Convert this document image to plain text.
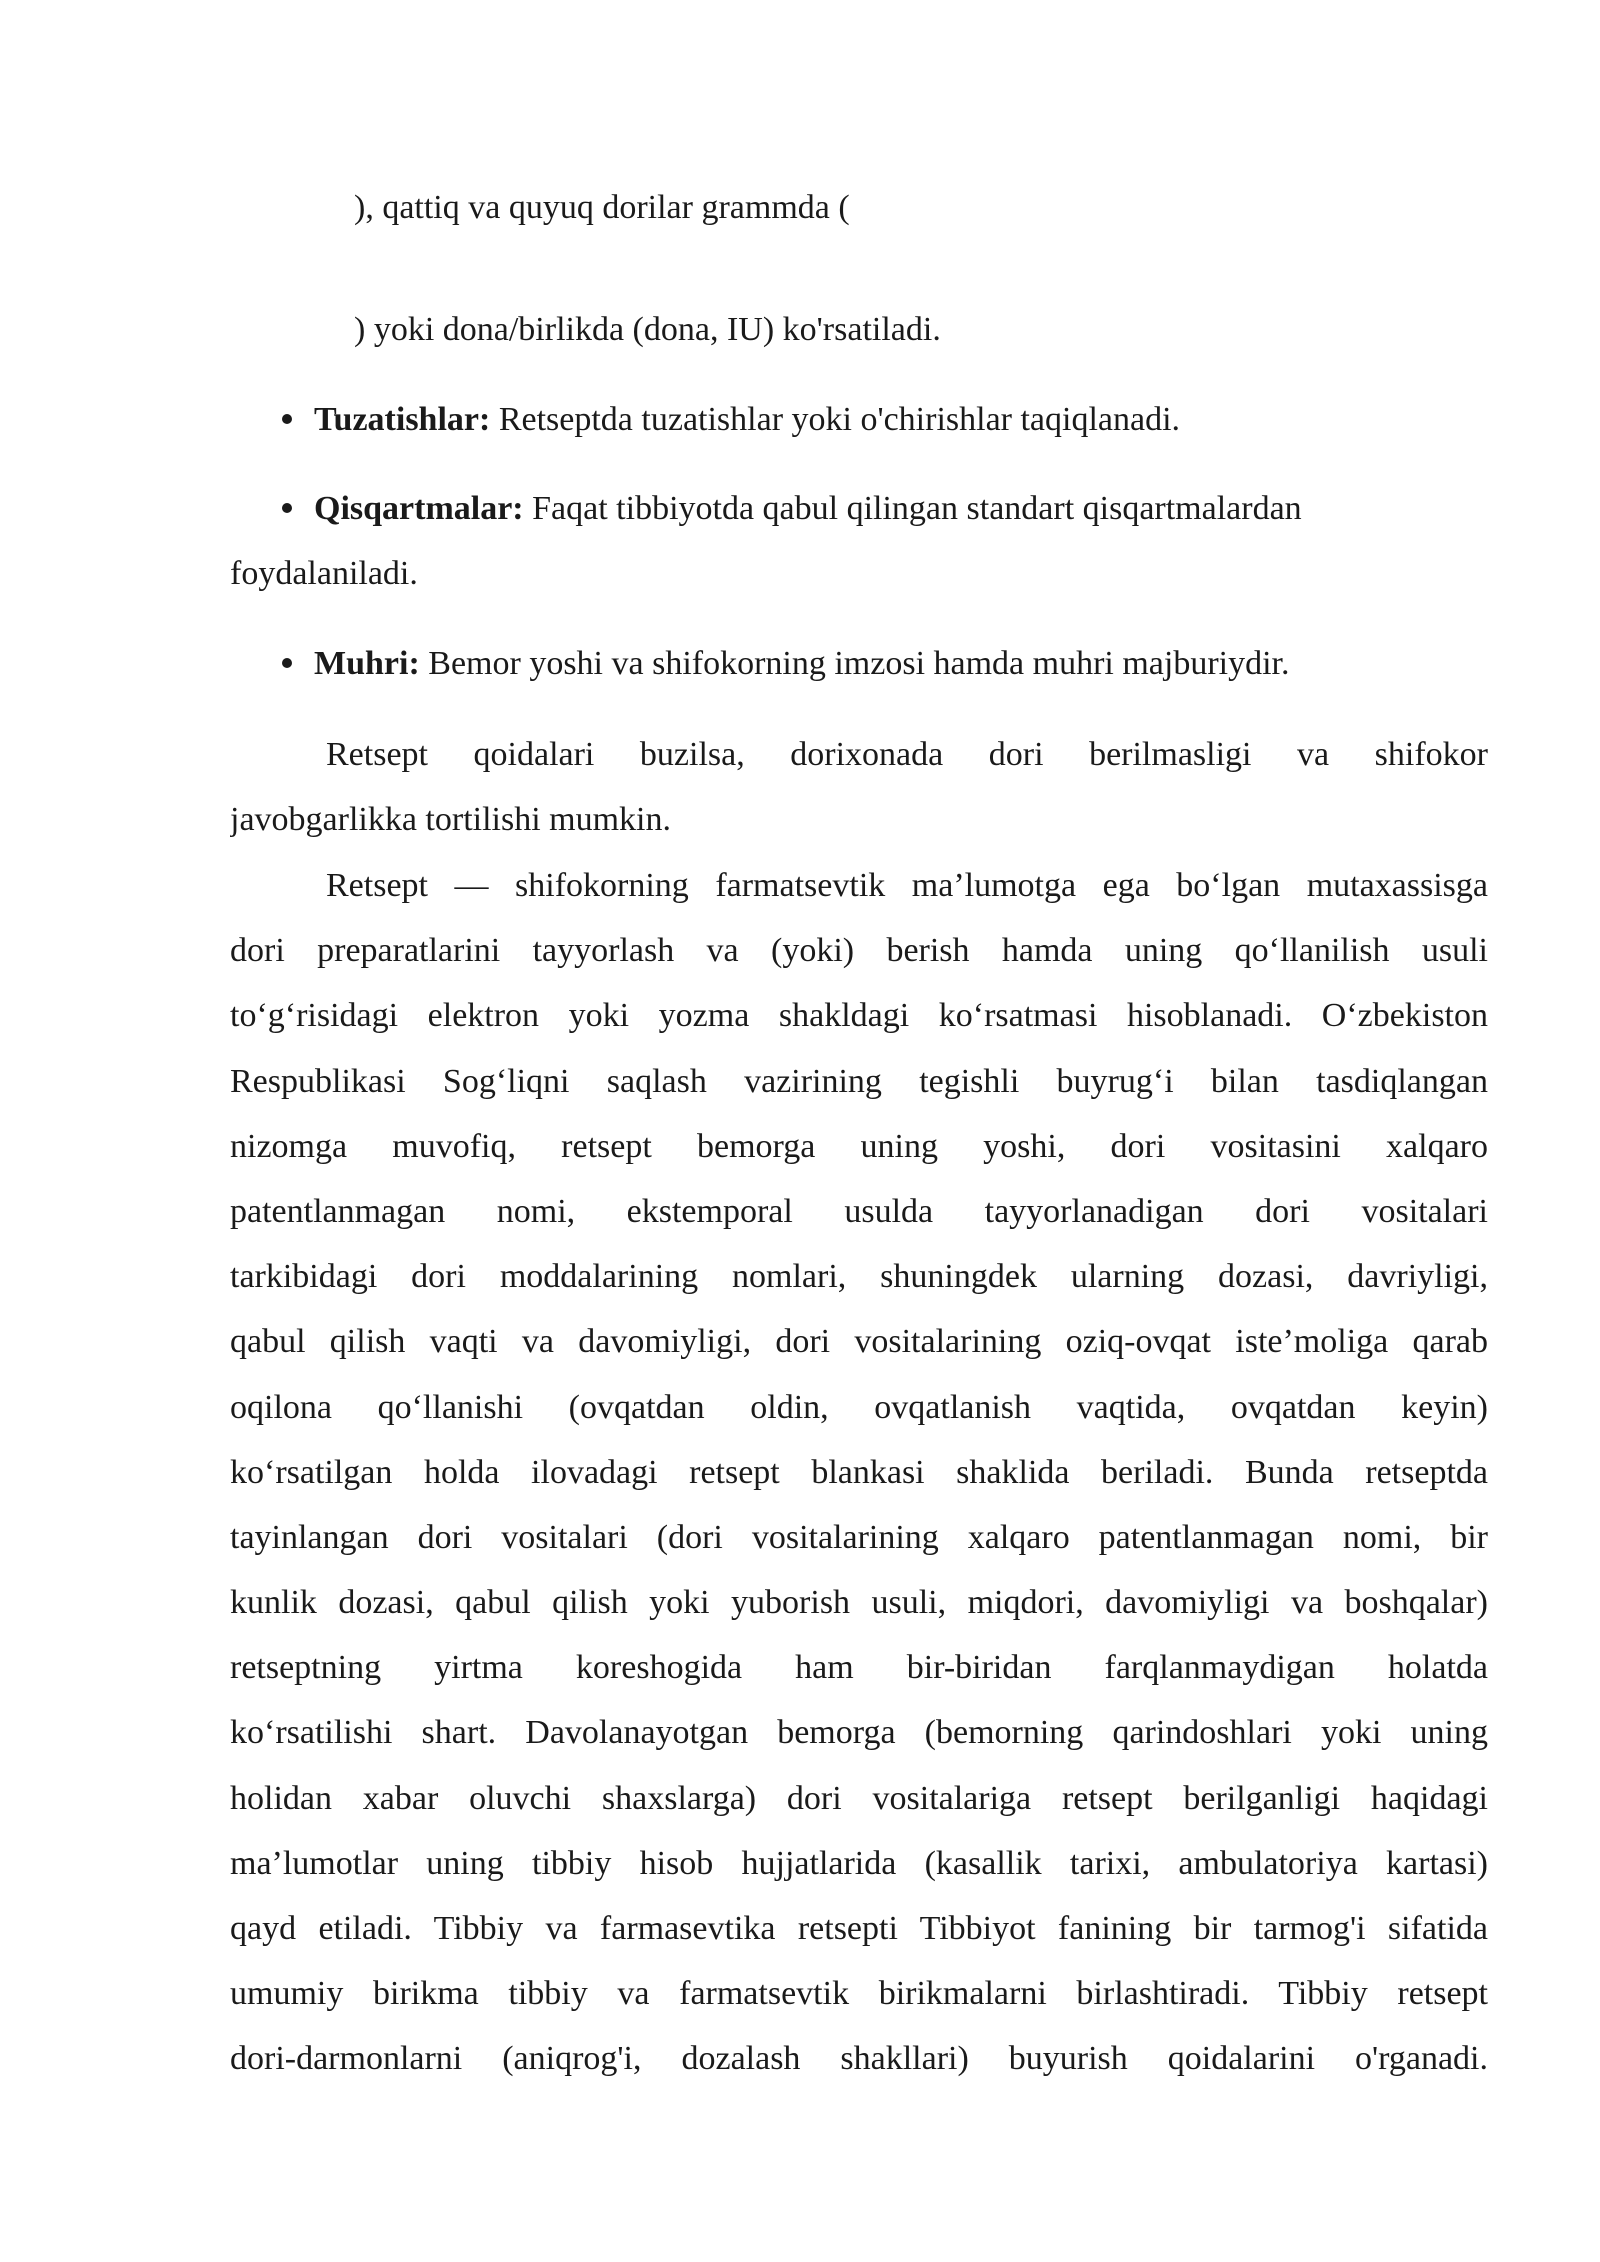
), qattiq va quyuq dorilar grammda (
) yoki dona/birlikda (dona, IU) ko'rsatiladi.
Tuzatishlar: Retseptda tuzatishlar yoki o'chirishlar taqiqlanadi.
Qisqartmalar: Faqat tibbiyotda qabul qilingan standart qisqartmalardan
foydalaniladi.
Muhri: Bemor yoshi va shifokorning imzosi hamda muhri majburiydir.
Retsept qoidalari buzilsa, dorixonada dori berilmasligi va shifokor
javobgarlikka tortilishi mumkin.
Retsept — shifokorning farmatsevtik ma’lumotga ega bo‘lgan mutaxassisga
dori preparatlarini tayyorlash va (yoki) berish hamda uning qo‘llanilish usuli
to‘g‘risidagi elektron yoki yozma shakldagi ko‘rsatmasi hisoblanadi. O‘zbekiston
Respublikasi Sog‘liqni saqlash vazirining tegishli buyrug‘i bilan tasdiqlangan
nizomga muvofiq, retsept bemorga uning yoshi, dori vositasini xalqaro
patentlanmagan nomi, ekstemporal usulda tayyorlanadigan dori vositalari
tarkibidagi dori moddalarining nomlari, shuningdek ularning dozasi, davriyligi,
qabul qilish vaqti va davomiyligi, dori vositalarining oziq-ovqat iste’moliga qarab
oqilona qo‘llanishi (ovqatdan oldin, ovqatlanish vaqtida, ovqatdan keyin)
ko‘rsatilgan holda ilovadagi retsept blankasi shaklida beriladi. Bunda retseptda
tayinlangan dori vositalari (dori vositalarining xalqaro patentlanmagan nomi, bir
kunlik dozasi, qabul qilish yoki yuborish usuli, miqdori, davomiyligi va boshqalar)
retseptning yirtma koreshogida ham bir-biridan farqlanmaydigan holatda
ko‘rsatilishi shart. Davolanayotgan bemorga (bemorning qarindoshlari yoki uning
holidan xabar oluvchi shaxslarga) dori vositalariga retsept berilganligi haqidagi
ma’lumotlar uning tibbiy hisob hujjatlarida (kasallik tarixi, ambulatoriya kartasi)
qayd etiladi. Tibbiy va farmasevtika retsepti Tibbiyot fanining bir tarmog'i sifatida
umumiy birikma tibbiy va farmatsevtik birikmalarni birlashtiradi. Tibbiy retsept
dori-darmonlarni (aniqrog'i, dozalash shakllari) buyurish qoidalarini o'rganadi.
